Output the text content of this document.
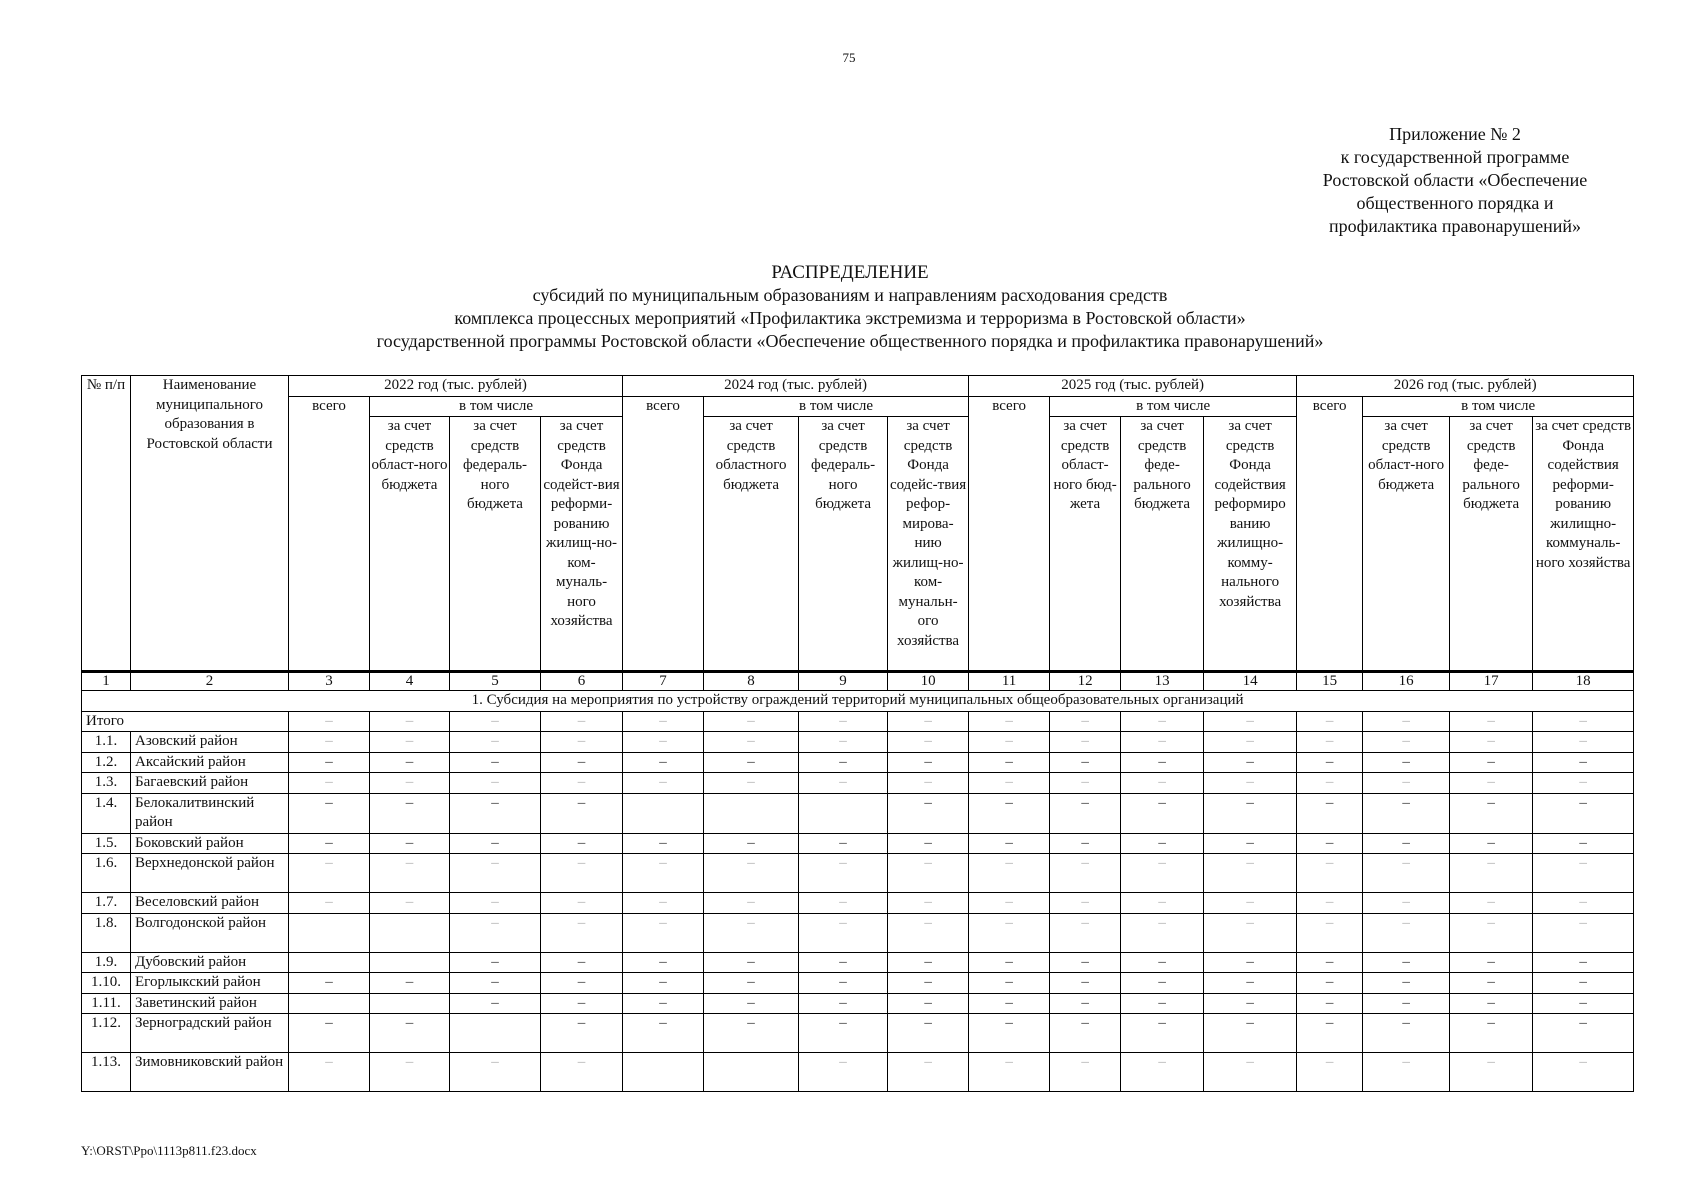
75
Приложение № 2
к государственной программе
Ростовской области «Обеспечение
общественного порядка и
профилактика правонарушений»
РАСПРЕДЕЛЕНИЕ
субсидий по муниципальным образованиям и направлениям расходования средств
комплекса процессных мероприятий «Профилактика экстремизма и терроризма в Ростовской области»
государственной программы Ростовской области «Обеспечение общественного порядка и профилактика правонарушений»
№ п/п	Наименование муниципального образования в Ростовской области	2022 год (тыс. рублей)				2024 год (тыс. рублей)				2025 год (тыс. рублей)				2026 год (тыс. рублей)			
		всего	в том числе			всего	в том числе			всего	в том числе			всего	в том числе		
			за счет средств област-ного бюджета	за счет средств федераль-ного бюджета	за счет средств Фонда содейст-вия реформи-рованию жилищ-но-ком-муналь-ного хозяйства		за счет средств областного бюджета	за счет средств федераль-ного бюджета	за счет средств Фонда содейс-твия рефор-мирова-нию жилищ-но-ком-мунальн-ого хозяйства		за счет средств област-ного бюд-жета	за счет средств феде-рального бюджета	за счет средств Фонда содействия реформиро ванию жилищно-комму-нального хозяйства		за счет средств област-ного бюджета	за счет средств феде-рального бюджета	за счет средств Фонда содействия реформи-рованию жилищно-коммуналь-ного хозяйства
1	2	3	4	5	6	7	8	9	10	11	12	13	14	15	16	17	18
1. Субсидия на мероприятия по устройству ограждений территорий муниципальных общеобразовательных организаций																	
Итого		–	–	–	–	–	–	–	–	–	–	–	–	–	–	–	–
1.1.	Азовский район	–	–	–	–	–	–	–	–	–	–	–	–	–	–	–	–
1.2.	Аксайский район	–	–	–	–	–	–	–	–	–	–	–	–	–	–	–	–
1.3.	Багаевский район	–	–	–	–	–	–	–	–	–	–	–	–	–	–	–	–
1.4.	Белокалитвинский район	–	–	–	–				–	–	–	–	–	–	–	–	–
1.5.	Боковский район	–	–	–	–	–	–	–	–	–	–	–	–	–	–	–	–
1.6.	Верхнедонской район	–	–	–	–	–	–	–	–	–	–	–	–	–	–	–	–
1.7.	Веселовский район	–	–	–	–	–	–	–	–	–	–	–	–	–	–	–	–
1.8.	Волгодонской район			–	–	–	–	–	–	–	–	–	–	–	–	–	–
1.9.	Дубовский район			–	–	–	–	–	–	–	–	–	–	–	–	–	–
1.10.	Егорлыкский район	–	–	–	–	–	–	–	–	–	–	–	–	–	–	–	–
1.11.	Заветинский район			–	–	–	–	–	–	–	–	–	–	–	–	–	–
1.12.	Зерноградский район	–	–		–	–	–	–	–	–	–	–	–	–	–	–	–
1.13.	Зимовниковский район	–	–	–	–			–	–	–	–	–	–	–	–	–	–
Y:\ORST\Ppo\1113p811.f23.docx
